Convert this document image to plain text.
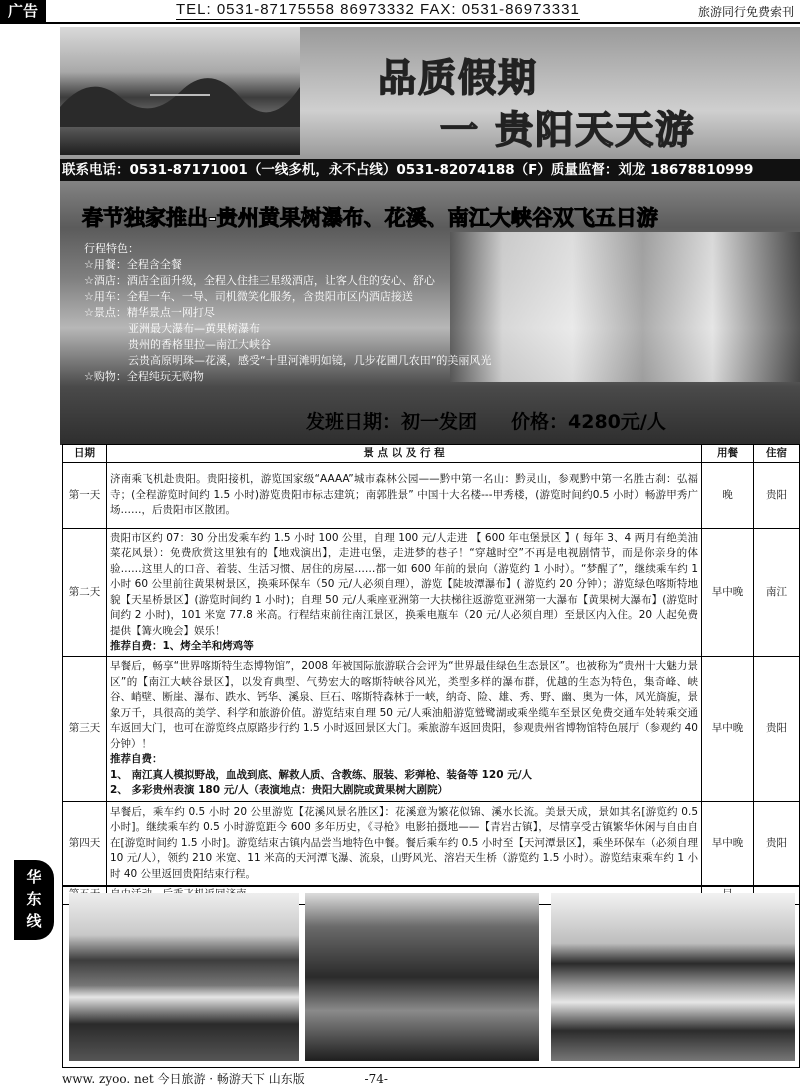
广告	TEL: 0531-87175558 86973332 FAX: 0531-86973331	旅游同行免费索刊
品质假期
一 贵阳天天游
联系电话：0531-87171001（一线多机，永不占线）0531-82074188（F）质量监督：刘龙 18678810999
春节独家推出-贵州黄果树瀑布、花溪、南江大峡谷双飞五日游
行程特色：
☆用餐：全程含全餐
☆酒店：酒店全面升级，全程入住挂三星级酒店，让客人住的安心、舒心
☆用车：全程一车、一导、司机微笑化服务，含贵阳市区内酒店接送
☆景点：精华景点一网打尽
　　　　亚洲最大瀑布—黄果树瀑布
　　　　贵州的香格里拉—南江大峡谷
　　　　云贵高原明珠—花溪，感受“十里河滩明如镜，几步花圃几农田”的美丽风光
☆购物：全程纯玩无购物
发班日期：初一发团 价格：4280元/人
华
东
线
日期	景 点 以 及 行 程	用餐	住宿
第一天	济南乘飞机赴贵阳。贵阳接机，游览国家级“AAAA”城市森林公园——黔中第一名山：黔灵山，参观黔中第一名胜古刹：弘福寺；(全程游览时间约 1.5 小时)游览贵阳市标志建筑；南郭胜景” 中国十大名楼---甲秀楼，(游览时间约0.5 小时）畅游甲秀广场……，后贵阳市区散团。	晚	贵阳
第二天	贵阳市区约 07：30 分出发乘车约 1.5 小时 100 公里，自理 100 元/人走进 【 600 年屯堡景区 】( 每年 3、4 两月有绝美油菜花风景）：免费欣赏这里独有的【地戏演出】，走进屯堡，走进梦的巷子！“穿越时空”不再是电视剧情节，而是你亲身的体验……这里人的口音、着装、生活习惯、居住的房屋……都一如 600 年前的景向（游览约 1 小时）。“梦醒了”，继续乘车约 1 小时 60 公里前往黄果树景区，换乘环保车（50 元/人必须自理），游览【陡坡潭瀑布】( 游览约 20 分钟）；游览绿色喀斯特地貌【天星桥景区】(游览时间约 1 小时)；自理 50 元/人乘座亚洲第一大扶梯往返游览亚洲第一大瀑布【黄果树大瀑布】(游览时间约 2 小时)，101 米宽 77.8 米高。行程结束前往南江景区，换乘电瓶车（20 元/人必须自理）至景区内入住。20 人起免费提供【篝火晚会】娱乐！
推荐自费：1、烤全羊和烤鸡等	早中晚	南江
第三天	早餐后，畅享“世界喀斯特生态博物馆”，2008 年被国际旅游联合会评为“世界最佳绿色生态景区”。也被称为“贵州十大魅力景区”的【南江大峡谷景区】，以发育典型、气势宏大的喀斯特峡谷风光，类型多样的瀑布群，优越的生态为特色，集奇峰、峡谷、峭壁、断崖、瀑布、跌水、钙华、溪泉、巨石、喀斯特森林于一峡，纳奇、险、雄、秀、野、幽、奥为一体，风光旖旎，景象万千，具很高的美学、科学和旅游价值。游览结束自理 50 元/人乘油船游览鹫鹭湖或乘坐缆车至景区免费交通车处转乘交通车返回大门，也可在游览终点原路步行约 1.5 小时返回景区大门。乘旅游车返回贵阳，参观贵州省博物馆特色展厅（参观约 40 分钟）！
推荐自费：
1、 南江真人模拟野战，血战到底、解救人质、含教练、服装、彩弹枪、装备等 120 元/人
2、 多彩贵州表演 180 元/人（表演地点：贵阳大剧院或黄果树大剧院）	早中晚	贵阳
第四天	早餐后，乘车约 0.5 小时 20 公里游览【花溪风景名胜区】：花溪意为繁花似锦、溪水长流。美景天成，景如其名[游览约 0.5 小时]。继续乘车约 0.5 小时游览距今 600 多年历史，《寻枪》电影拍摄地——【青岩古镇】，尽情享受古镇繁华休闲与自由自在[游览时间约 1.5 小时]。游览结束古镇内品尝当地特色中餐。餐后乘车约 0.5 小时至【天河潭景区】，乘坐环保车（必须自理 10 元/人），领约 210 米宽、11 米高的天河潭飞瀑、流泉，山野风光、溶岩天生桥（游览约 1.5 小时）。游览结束乘车约 1 小时 40 公里返回贵阳结束行程。	早中晚	贵阳

www. zyoo. net 今日旅游 · 畅游天下 山东版	-74-
